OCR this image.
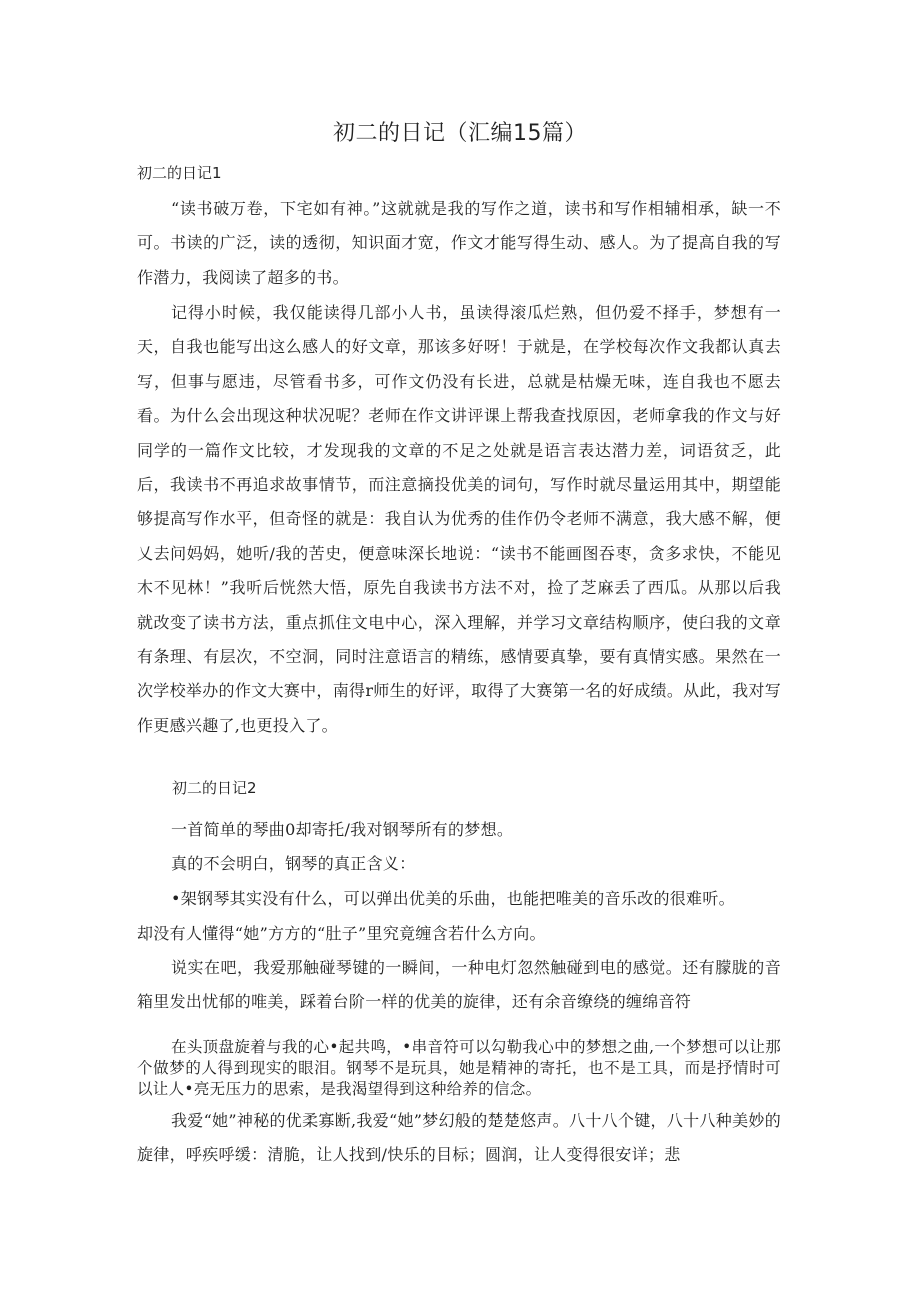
初二的日记（汇编15篇）

初二的日记1

“读书破万卷，下宅如有神。”这就就是我的写作之道，读书和写作相辅相承，缺一不可。书读的广泛，读的透彻，知识面才宽，作文才能写得生动、感人。为了提高自我的写作潜力，我阅读了超多的书。

记得小时候，我仅能读得几部小人书，虽读得滚瓜烂熟，但仍爱不择手，梦想有一天，自我也能写出这么感人的好文章，那该多好呀！于就是，在学校每次作文我都认真去写，但事与愿违，尽管看书多，可作文仍没有长进，总就是枯燥无味，连自我也不愿去看。为什么会出现这种状况呢？老师在作文讲评课上帮我查找原因，老师拿我的作文与好同学的一篇作文比较，才发现我的文章的不足之处就是语言表达潜力差，词语贫乏，此后，我读书不再追求故事情节，而注意摘投优美的词句，写作时就尽量运用其中，期望能够提高写作水平，但奇怪的就是：我自认为优秀的佳作仍令老师不满意，我大感不解，便乂去问妈妈，她听/我的苦史，便意味深长地说：“读书不能画图吞枣，贪多求快，不能见木不见林！”我听后恍然大悟，原先自我读书方法不对，捡了芝麻丢了西瓜。从那以后我就改变了读书方法，重点抓住文电中心，深入理解，并学习文章结构顺序，使臼我的文章有条理、有层次，不空洞，同时注意语言的精练，感情要真挚，要有真情实感。果然在一次学校举办的作文大赛中，南得r师生的好评，取得了大赛第一名的好成绩。从此，我对写作更感兴趣了,也更投入了。

初二的日记2

一首简单的琴曲0却寄托/我对钢琴所有的梦想。

真的不会明白，钢琴的真正含义：

•架钢琴其实没有什么，可以弹出优美的乐曲，也能把唯美的音乐改的很难听。

却没有人懂得“她”方方的“肚子”里究竟缠含若什么方向。

说实在吧，我爱那触碰琴键的一瞬间，一种电灯忽然触碰到电的感觉。还有朦胧的音箱里发出忧郁的唯美，踩着台阶一样的优美的旋律，还有余音缭绕的缠绵音符

在头顶盘旋着与我的心•起共鸣，•串音符可以勾勒我心中的梦想之曲,一个梦想可以让那个做梦的人得到现实的眼泪。钢琴不是玩具，她是精神的寄托，也不是工具，而是抒情时可以让人•亮无压力的思索，是我渴望得到这种给养的信念。

我爱“她”神秘的优柔寡断,我爱“她”梦幻般的楚楚悠声。八十八个键，八十八种美妙的旋律，呼疾呼缓：清脆，让人找到/快乐的目标；圆润，让人变得很安详；悲
